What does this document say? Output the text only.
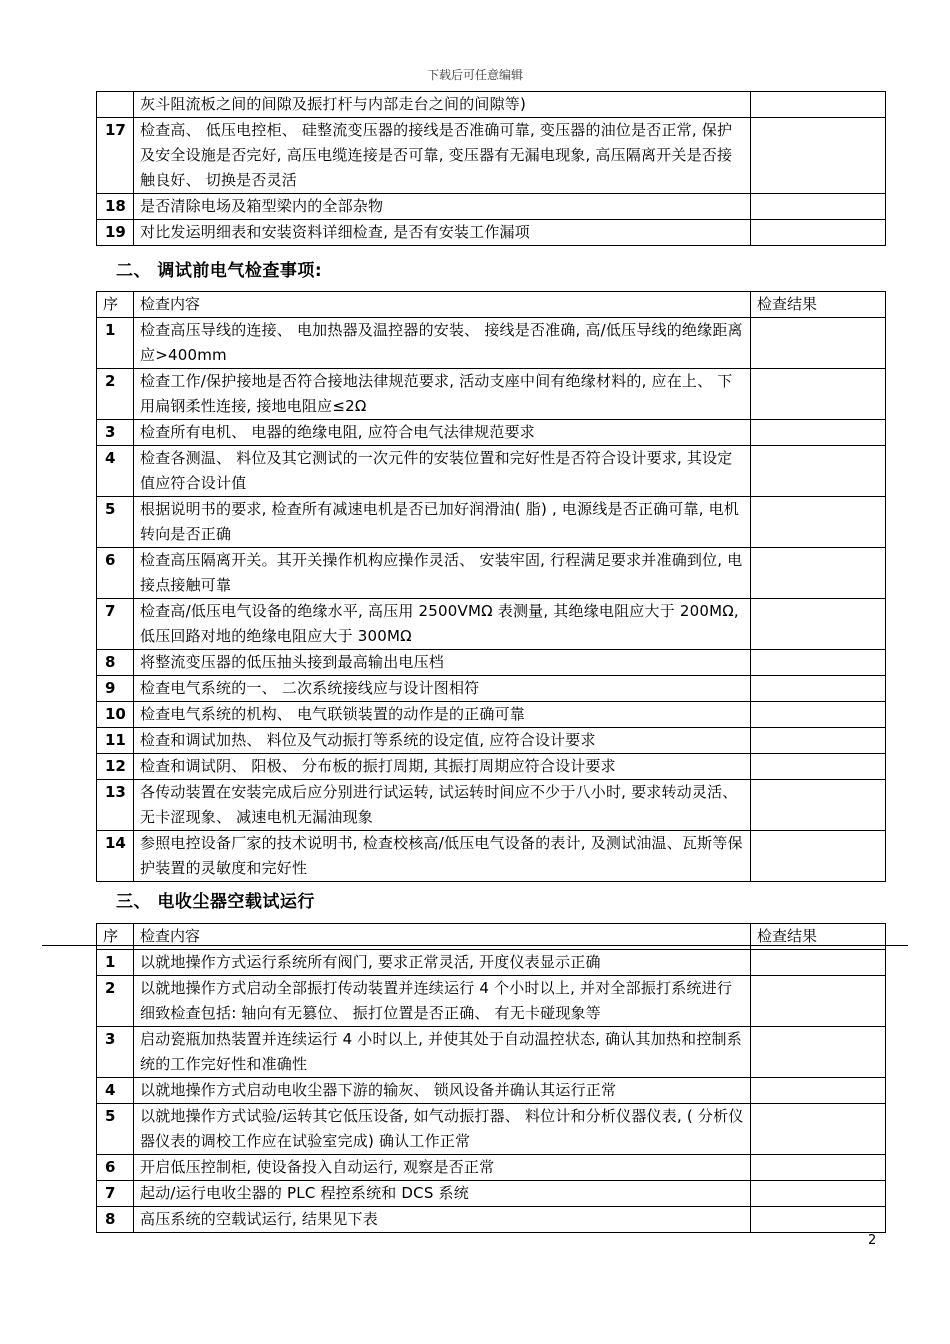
下载后可任意编辑
	灰斗阻流板之间的间隙及振打杆与内部走台之间的间隙等)	
17	检查高、 低压电控柜、 硅整流变压器的接线是否准确可靠, 变压器的油位是否正常, 保护及安全设施是否完好, 高压电缆连接是否可靠, 变压器有无漏电现象, 高压隔离开关是否接触良好、 切换是否灵活	
18	是否清除电场及箱型梁内的全部杂物	
19	对比发运明细表和安装资料详细检查, 是否有安装工作漏项	
二、 调试前电气检查事项:
序	检查内容	检查结果
1	检查高压导线的连接、 电加热器及温控器的安装、 接线是否准确, 高/低压导线的绝缘距离应>400mm	
2	检查工作/保护接地是否符合接地法律规范要求, 活动支座中间有绝缘材料的, 应在上、 下用扁钢柔性连接, 接地电阻应≤2Ω	
3	检查所有电机、 电器的绝缘电阻, 应符合电气法律规范要求	
4	检查各测温、 料位及其它测试的一次元件的安装位置和完好性是否符合设计要求, 其设定值应符合设计值	
5	根据说明书的要求, 检查所有减速电机是否已加好润滑油( 脂) , 电源线是否正确可靠, 电机转向是否正确	
6	检查高压隔离开关。其开关操作机构应操作灵活、 安装牢固, 行程满足要求并准确到位, 电接点接触可靠	
7	检查高/低压电气设备的绝缘水平, 高压用 2500VMΩ 表测量, 其绝缘电阻应大于 200MΩ, 低压回路对地的绝缘电阻应大于 300MΩ	
8	将整流变压器的低压抽头接到最高输出电压档	
9	检查电气系统的一、 二次系统接线应与设计图相符	
10	检查电气系统的机构、 电气联锁装置的动作是的正确可靠	
11	检查和调试加热、 料位及气动振打等系统的设定值, 应符合设计要求	
12	检查和调试阴、 阳极、 分布板的振打周期, 其振打周期应符合设计要求	
13	各传动装置在安装完成后应分别进行试运转, 试运转时间应不少于八小时, 要求转动灵活、 无卡涩现象、 减速电机无漏油现象	
14	参照电控设备厂家的技术说明书, 检查校核高/低压电气设备的表计, 及测试油温、瓦斯等保护装置的灵敏度和完好性	
三、 电收尘器空载试运行
序	检查内容	检查结果
1	以就地操作方式运行系统所有阀门, 要求正常灵活, 开度仪表显示正确	
2	以就地操作方式启动全部振打传动装置并连续运行 4 个小时以上, 并对全部振打系统进行细致检查包括: 轴向有无篡位、 振打位置是否正确、 有无卡碰现象等	
3	启动瓷瓶加热装置并连续运行 4 小时以上, 并使其处于自动温控状态, 确认其加热和控制系统的工作完好性和准确性	
4	以就地操作方式启动电收尘器下游的输灰、 锁风设备并确认其运行正常	
5	以就地操作方式试验/运转其它低压设备, 如气动振打器、 料位计和分析仪器仪表, ( 分析仪器仪表的调校工作应在试验室完成) 确认工作正常	
6	开启低压控制柜, 使设备投入自动运行, 观察是否正常	
7	起动/运行电收尘器的 PLC 程控系统和 DCS 系统	
8	高压系统的空载试运行, 结果见下表	
2
